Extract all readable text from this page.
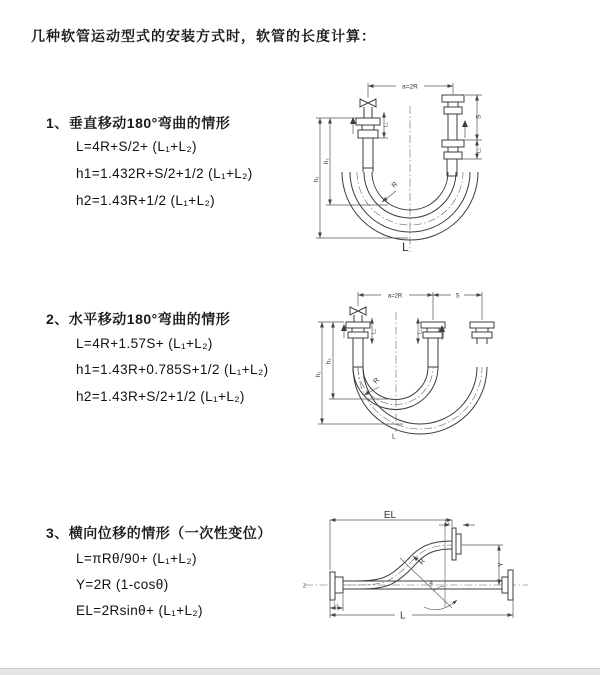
几种软管运动型式的安装方式时，软管的长度计算：
1、垂直移动180°弯曲的情形
L=4R+S/2+ (L₁+L₂)
h1=1.432R+S/2+1/2 (L₁+L₂)
h2=1.43R+1/2 (L₁+L₂)
2、水平移动180°弯曲的情形
L=4R+1.57S+ (L₁+L₂)
h1=1.43R+0.785S+1/2 (L₁+L₂)
h2=1.43R+S/2+1/2 (L₁+L₂)
3、横向位移的情形（一次性变位）
L=πRθ/90+ (L₁+L₂)
Y=2R (1-cosθ)
EL=2Rsinθ+ (L₁+L₂)
a=2R
R
L
S
L₁
L₁
h₁
h₂
a=2R	S
R
L
L₁	L₁
h₁
h₂
Z
EL
L₁
Y
θ
R
L
L₁
